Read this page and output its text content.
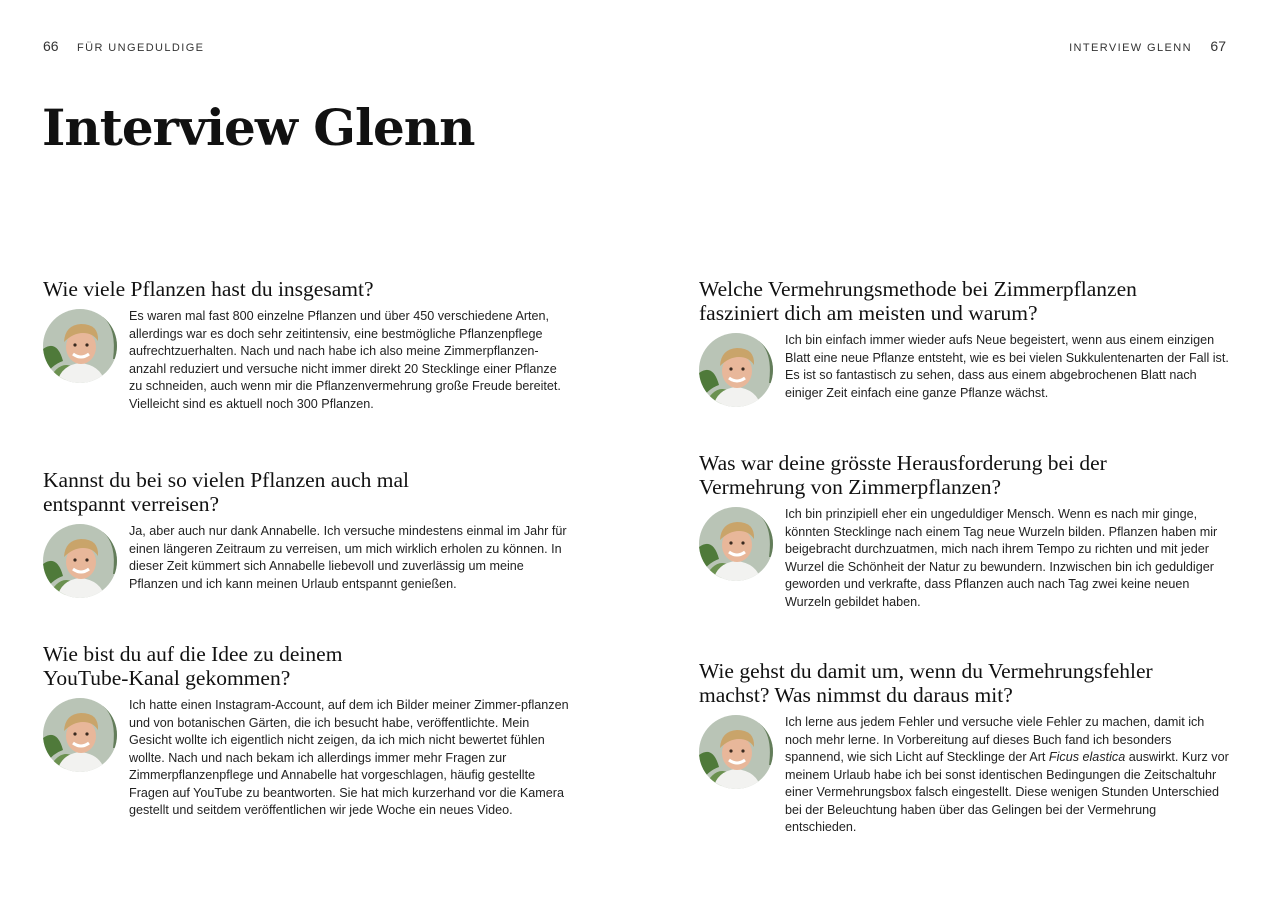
66 FÜR UNGEDULDIGE	INTERVIEW GLENN 67
Interview Glenn
Wie viele Pflanzen hast du insgesamt?

Es waren mal fast 800 einzelne Pflanzen und über 450 verschiedene Arten, allerdings war es doch sehr zeitintensiv, eine bestmögliche Pflanzenpflege aufrechtzuerhalten. Nach und nach habe ich also meine Zimmerpflanzen-anzahl reduziert und versuche nicht immer direkt 20 Stecklinge einer Pflanze zu schneiden, auch wenn mir die Pflanzenvermehrung große Freude bereitet. Vielleicht sind es aktuell noch 300 Pflanzen.

Kannst du bei so vielen Pflanzen auch mal entspannt verreisen?

Ja, aber auch nur dank Annabelle. Ich versuche mindestens einmal im Jahr für einen längeren Zeitraum zu verreisen, um mich wirklich erholen zu können. In dieser Zeit kümmert sich Annabelle liebevoll und zuverlässig um meine Pflanzen und ich kann meinen Urlaub entspannt genießen.

Wie bist du auf die Idee zu deinem YouTube-Kanal gekommen?

Ich hatte einen Instagram-Account, auf dem ich Bilder meiner Zimmer-pflanzen und von botanischen Gärten, die ich besucht habe, veröffentlichte. Mein Gesicht wollte ich eigentlich nicht zeigen, da ich mich nicht bewertet fühlen wollte. Nach und nach bekam ich allerdings immer mehr Fragen zur Zimmerpflanzenpflege und Annabelle hat vorgeschlagen, häufig gestellte Fragen auf YouTube zu beantworten. Sie hat mich kurzerhand vor die Kamera gestellt und seitdem veröffentlichen wir jede Woche ein neues Video.

Welche Vermehrungsmethode bei Zimmerpflanzen fasziniert dich am meisten und warum?

Ich bin einfach immer wieder aufs Neue begeistert, wenn aus einem einzigen Blatt eine neue Pflanze entsteht, wie es bei vielen Sukkulentenarten der Fall ist. Es ist so fantastisch zu sehen, dass aus einem abgebrochenen Blatt nach einiger Zeit einfach eine ganze Pflanze wächst.

Was war deine grösste Herausforderung bei der Vermehrung von Zimmerpflanzen?

Ich bin prinzipiell eher ein ungeduldiger Mensch. Wenn es nach mir ginge, könnten Stecklinge nach einem Tag neue Wurzeln bilden. Pflanzen haben mir beigebracht durchzuatmen, mich nach ihrem Tempo zu richten und mit jeder Wurzel die Schönheit der Natur zu bewundern. Inzwischen bin ich geduldiger geworden und verkrafte, dass Pflanzen auch nach Tag zwei keine neuen Wurzeln gebildet haben.

Wie gehst du damit um, wenn du Vermehrungsfehler machst? Was nimmst du daraus mit?

Ich lerne aus jedem Fehler und versuche viele Fehler zu machen, damit ich noch mehr lerne. In Vorbereitung auf dieses Buch fand ich besonders spannend, wie sich Licht auf Stecklinge der Art Ficus elastica auswirkt. Kurz vor meinem Urlaub habe ich bei sonst identischen Bedingungen die Zeitschaltuhr einer Vermehrungsbox falsch eingestellt. Diese wenigen Stunden Unterschied bei der Beleuchtung haben über das Gelingen bei der Vermehrung entschieden.
